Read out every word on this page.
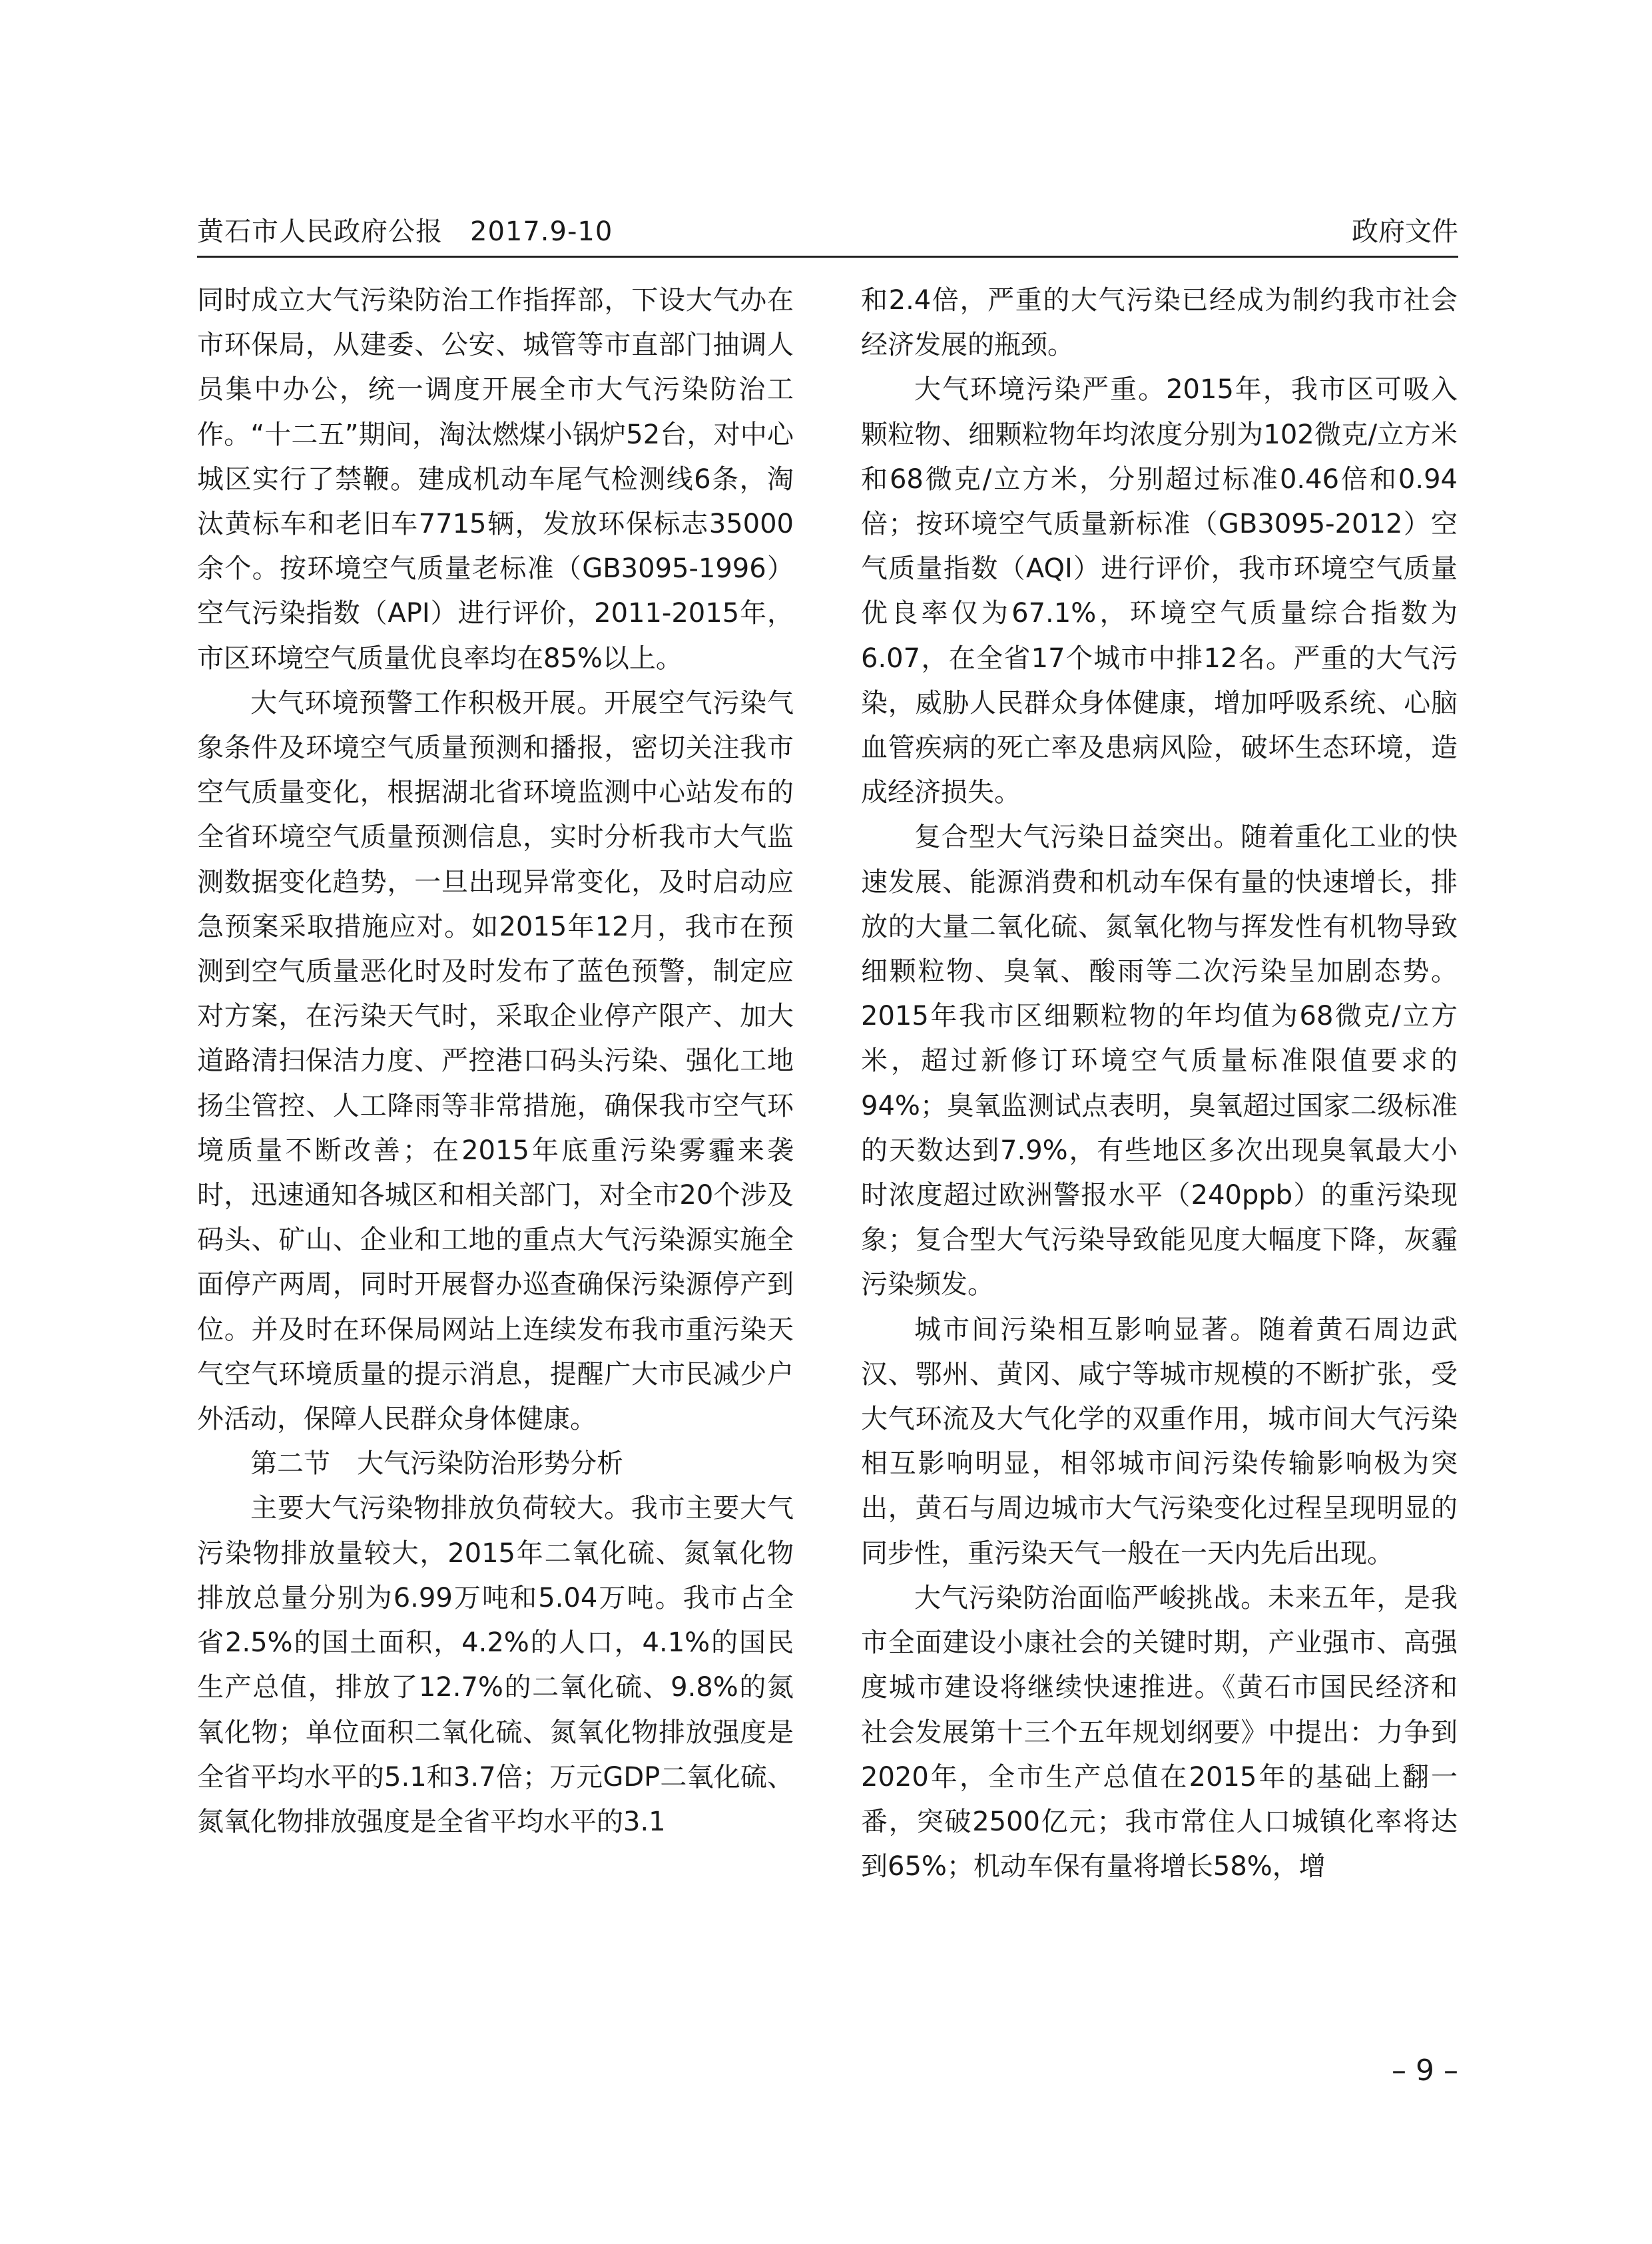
黄石市人民政府公报　2017.9-10	政府文件

同时成立大气污染防治工作指挥部，下设大气办在市环保局，从建委、公安、城管等市直部门抽调人员集中办公，统一调度开展全市大气污染防治工作。“十二五”期间，淘汰燃煤小锅炉52台，对中心城区实行了禁鞭。建成机动车尾气检测线6条，淘汰黄标车和老旧车7715辆，发放环保标志35000余个。按环境空气质量老标准（GB3095-1996）空气污染指数（API）进行评价，2011-2015年，市区环境空气质量优良率均在85%以上。

大气环境预警工作积极开展。开展空气污染气象条件及环境空气质量预测和播报，密切关注我市空气质量变化，根据湖北省环境监测中心站发布的全省环境空气质量预测信息，实时分析我市大气监测数据变化趋势，一旦出现异常变化，及时启动应急预案采取措施应对。如2015年12月，我市在预测到空气质量恶化时及时发布了蓝色预警，制定应对方案，在污染天气时，采取企业停产限产、加大道路清扫保洁力度、严控港口码头污染、强化工地扬尘管控、人工降雨等非常措施，确保我市空气环境质量不断改善；在2015年底重污染雾霾来袭时，迅速通知各城区和相关部门，对全市20个涉及码头、矿山、企业和工地的重点大气污染源实施全面停产两周，同时开展督办巡查确保污染源停产到位。并及时在环保局网站上连续发布我市重污染天气空气环境质量的提示消息，提醒广大市民减少户外活动，保障人民群众身体健康。

第二节　大气污染防治形势分析

主要大气污染物排放负荷较大。我市主要大气污染物排放量较大，2015年二氧化硫、氮氧化物排放总量分别为6.99万吨和5.04万吨。我市占全省2.5%的国土面积，4.2%的人口，4.1%的国民生产总值，排放了12.7%的二氧化硫、9.8%的氮氧化物；单位面积二氧化硫、氮氧化物排放强度是全省平均水平的5.1和3.7倍；万元GDP二氧化硫、氮氧化物排放强度是全省平均水平的3.1

和2.4倍，严重的大气污染已经成为制约我市社会经济发展的瓶颈。

大气环境污染严重。2015年，我市区可吸入颗粒物、细颗粒物年均浓度分别为102微克/立方米和68微克/立方米，分别超过标准0.46倍和0.94倍；按环境空气质量新标准（GB3095-2012）空气质量指数（AQI）进行评价，我市环境空气质量优良率仅为67.1%，环境空气质量综合指数为6.07，在全省17个城市中排12名。严重的大气污染，威胁人民群众身体健康，增加呼吸系统、心脑血管疾病的死亡率及患病风险，破坏生态环境，造成经济损失。

复合型大气污染日益突出。随着重化工业的快速发展、能源消费和机动车保有量的快速增长，排放的大量二氧化硫、氮氧化物与挥发性有机物导致细颗粒物、臭氧、酸雨等二次污染呈加剧态势。2015年我市区细颗粒物的年均值为68微克/立方米，超过新修订环境空气质量标准限值要求的94%；臭氧监测试点表明，臭氧超过国家二级标准的天数达到7.9%，有些地区多次出现臭氧最大小时浓度超过欧洲警报水平（240ppb）的重污染现象；复合型大气污染导致能见度大幅度下降，灰霾污染频发。

城市间污染相互影响显著。随着黄石周边武汉、鄂州、黄冈、咸宁等城市规模的不断扩张，受大气环流及大气化学的双重作用，城市间大气污染相互影响明显，相邻城市间污染传输影响极为突出，黄石与周边城市大气污染变化过程呈现明显的同步性，重污染天气一般在一天内先后出现。

大气污染防治面临严峻挑战。未来五年，是我市全面建设小康社会的关键时期，产业强市、高强度城市建设将继续快速推进。《黄石市国民经济和社会发展第十三个五年规划纲要》中提出：力争到2020年，全市生产总值在2015年的基础上翻一番，突破2500亿元；我市常住人口城镇化率将达到65%；机动车保有量将增长58%，增

– 9 –
